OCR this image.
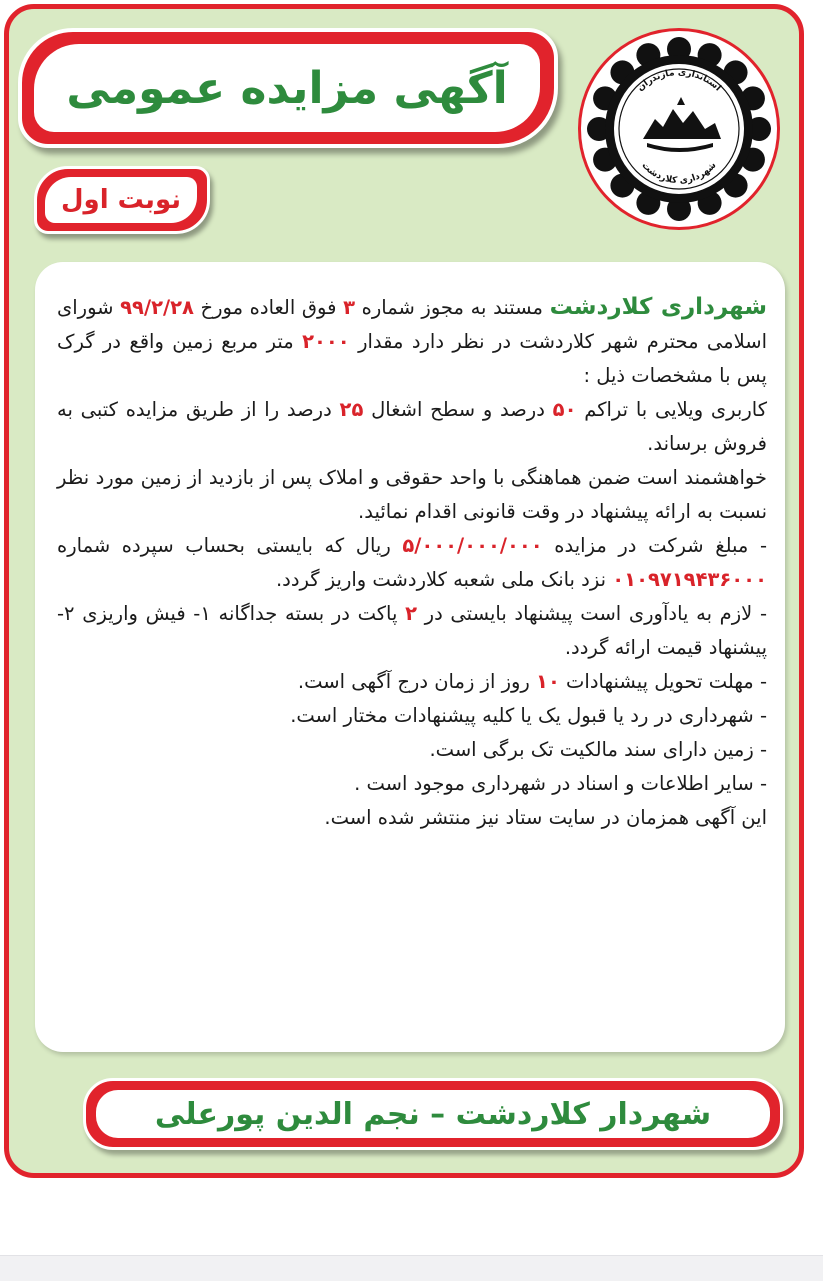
آگهی مزایده عمومی
نوبت اول
استانداری مازندران
شهرداری کلاردشت

شهرداری کلاردشت مستند به مجوز شماره ۳ فوق العاده مورخ ۹۹/۲/۲۸ شورای اسلامی محترم شهر کلاردشت در نظر دارد مقدار ۲۰۰۰ متر مربع زمین واقع در گرک پس با مشخصات ذیل :

کاربری ویلایی با تراکم ۵۰ درصد و سطح اشغال ۲۵ درصد را از طریق مزایده کتبی به فروش برساند.

خواهشمند است ضمن هماهنگی با واحد حقوقی و املاک پس از بازدید از زمین مورد نظر نسبت به ارائه پیشنهاد در وقت قانونی اقدام نمائید.

- مبلغ شرکت در مزایده ۵/۰۰۰/۰۰۰/۰۰۰ ریال که بایستی بحساب سپرده شماره ۰۱۰۹۷۱۹۴۳۶۰۰۰ نزد بانک ملی شعبه کلاردشت واریز گردد.

- لازم به یادآوری است پیشنهاد بایستی در ۲ پاکت در بسته جداگانه ۱- فیش واریزی ۲- پیشنهاد قیمت ارائه گردد.

- مهلت تحویل پیشنهادات ۱۰ روز از زمان درج آگهی است.

- شهرداری در رد یا قبول یک یا کلیه پیشنهادات مختار است.

- زمین دارای سند مالکیت تک برگی است.

- سایر اطلاعات و اسناد در شهرداری موجود است .

این آگهی همزمان در سایت ستاد نیز منتشر شده است.

شهردار کلاردشت – نجم الدین پورعلی
